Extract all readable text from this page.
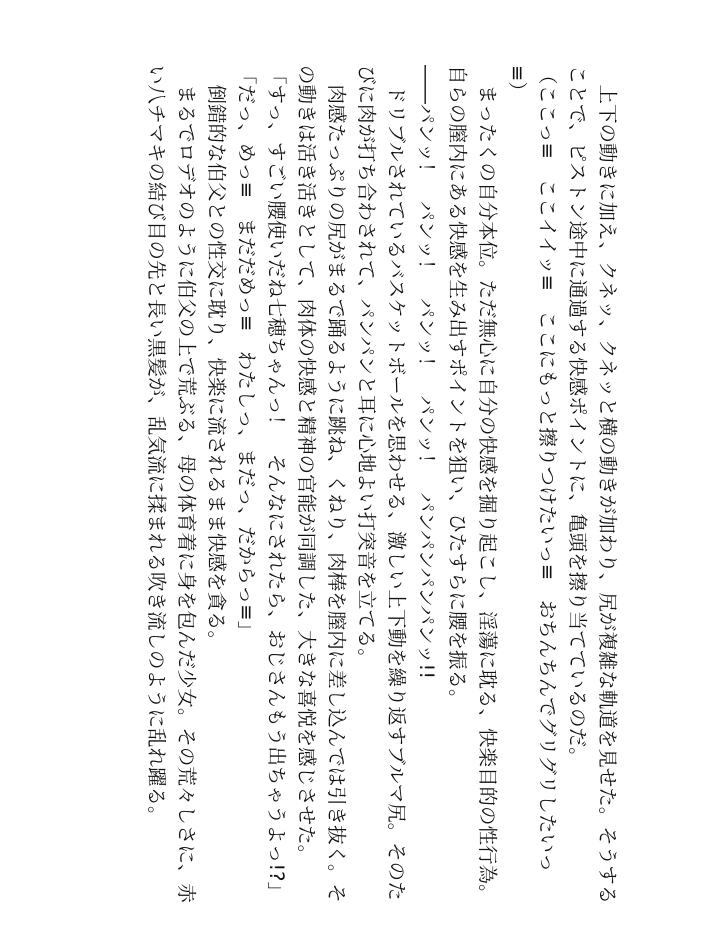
　上下の動きに加え、クネッ、クネッと横の動きが加わり、尻が複雑な軌道を見せた。そうする
ことで、ピストン途中に通過する快感ポイントに、亀頭を擦り当てているのだ。
（ここっ≡　ここイイッ≡　ここにもっと擦りつけたいっ≡　おちんちんでグリグリしたいっ
≡）
　まったくの自分本位。ただ無心に自分の快感を掘り起こし、淫蕩に耽る、快楽目的の性行為。
自らの膣内にある快感を生み出すポイントを狙い、ひたすらに腰を振る。
――パンッ！　パンッ！　パンッ！　パンッ！　パンパンパンパンッ!!
　ドリブルされているバスケットボールを思わせる、激しい上下動を繰り返すブルマ尻。そのた
びに肉が打ち合わされて、パンパンと耳に心地よい打突音を立てる。
　肉感たっぷりの尻がまるで踊るように跳ね、くねり、肉棒を膣内に差し込んでは引き抜く。そ
の動きは活き活きとして、肉体の快感と精神の官能が同調した、大きな喜悦を感じさせた。
「すっ、すごい腰使いだね七穂ちゃんっ！　そんなにされたら、おじさんもう出ちゃうよっ!?」
「だっ、めっ≡　まだだめっ≡　わたしっ、まだっ、だからっ≡」
　倒錯的な伯父との性交に耽り、快楽に流されるまま快感を貪る。
　まるでロデオのように伯父の上で荒ぶる、母の体育着に身を包んだ少女。その荒々しさに、赤
い八チマキの結び目の先と長い黒髪が、乱気流に揉まれる吹き流しのように乱れ躍る。
